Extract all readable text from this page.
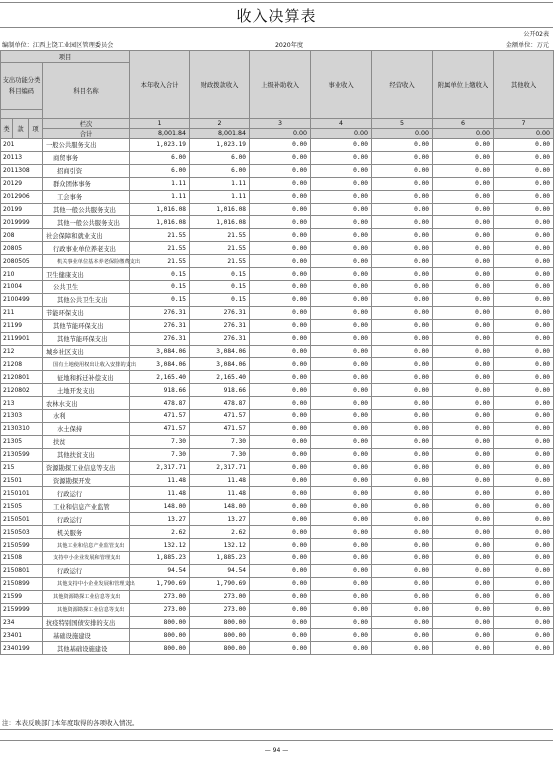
收入决算表
公开02表
编制单位：江西上饶工业园区管理委员会	2020年度	金额单位：万元
项目				本年收入合计	财政拨款收入	上级补助收入	事业收入	经营收入	附属单位上缴收入	其他收入
支出功能分类科目编码			科目名称							

类	款	项	栏次	1	2	3	4	5	6	7
			合计	8,001.84	8,001.84	0.00	0.00	0.00	0.00	0.00
201			一般公共服务支出	1,023.19	1,023.19	0.00	0.00	0.00	0.00	0.00
20113			商贸事务	6.00	6.00	0.00	0.00	0.00	0.00	0.00
2011308			招商引资	6.00	6.00	0.00	0.00	0.00	0.00	0.00
20129			群众团体事务	1.11	1.11	0.00	0.00	0.00	0.00	0.00
2012906			工会事务	1.11	1.11	0.00	0.00	0.00	0.00	0.00
20199			其他一般公共服务支出	1,016.08	1,016.08	0.00	0.00	0.00	0.00	0.00
2019999			其他一般公共服务支出	1,016.08	1,016.08	0.00	0.00	0.00	0.00	0.00
208			社会保障和就业支出	21.55	21.55	0.00	0.00	0.00	0.00	0.00
20805			行政事业单位养老支出	21.55	21.55	0.00	0.00	0.00	0.00	0.00
2080505			机关事业单位基本养老保险缴费支出	21.55	21.55	0.00	0.00	0.00	0.00	0.00
210			卫生健康支出	0.15	0.15	0.00	0.00	0.00	0.00	0.00
21004			公共卫生	0.15	0.15	0.00	0.00	0.00	0.00	0.00
2100499			其他公共卫生支出	0.15	0.15	0.00	0.00	0.00	0.00	0.00
211			节能环保支出	276.31	276.31	0.00	0.00	0.00	0.00	0.00
21199			其他节能环保支出	276.31	276.31	0.00	0.00	0.00	0.00	0.00
2119901			其他节能环保支出	276.31	276.31	0.00	0.00	0.00	0.00	0.00
212			城乡社区支出	3,084.06	3,084.06	0.00	0.00	0.00	0.00	0.00
21208			国有土地使用权出让收入安排的支出	3,084.06	3,084.06	0.00	0.00	0.00	0.00	0.00
2120801			征地和拆迁补偿支出	2,165.40	2,165.40	0.00	0.00	0.00	0.00	0.00
2120802			土地开发支出	918.66	918.66	0.00	0.00	0.00	0.00	0.00
213			农林水支出	478.87	478.87	0.00	0.00	0.00	0.00	0.00
21303			水利	471.57	471.57	0.00	0.00	0.00	0.00	0.00
2130310			水土保持	471.57	471.57	0.00	0.00	0.00	0.00	0.00
21305			扶贫	7.30	7.30	0.00	0.00	0.00	0.00	0.00
2130599			其他扶贫支出	7.30	7.30	0.00	0.00	0.00	0.00	0.00
215			资源勘探工业信息等支出	2,317.71	2,317.71	0.00	0.00	0.00	0.00	0.00
21501			资源勘探开发	11.48	11.48	0.00	0.00	0.00	0.00	0.00
2150101			行政运行	11.48	11.48	0.00	0.00	0.00	0.00	0.00
21505			工业和信息产业监管	148.00	148.00	0.00	0.00	0.00	0.00	0.00
2150501			行政运行	13.27	13.27	0.00	0.00	0.00	0.00	0.00
2150503			机关服务	2.62	2.62	0.00	0.00	0.00	0.00	0.00
2150599			其他工业和信息产业监管支出	132.12	132.12	0.00	0.00	0.00	0.00	0.00
21508			支持中小企业发展和管理支出	1,885.23	1,885.23	0.00	0.00	0.00	0.00	0.00
2150801			行政运行	94.54	94.54	0.00	0.00	0.00	0.00	0.00
2150899			其他支持中小企业发展和管理支出	1,790.69	1,790.69	0.00	0.00	0.00	0.00	0.00
21599			其他资源勘探工业信息等支出	273.00	273.00	0.00	0.00	0.00	0.00	0.00
2159999			其他资源勘探工业信息等支出	273.00	273.00	0.00	0.00	0.00	0.00	0.00
234			抗疫特别国债安排的支出	800.00	800.00	0.00	0.00	0.00	0.00	0.00
23401			基础设施建设	800.00	800.00	0.00	0.00	0.00	0.00	0.00
2340199			其他基础设施建设	800.00	800.00	0.00	0.00	0.00	0.00	0.00
注：本表反映部门本年度取得的各项收入情况。
— 94 —
